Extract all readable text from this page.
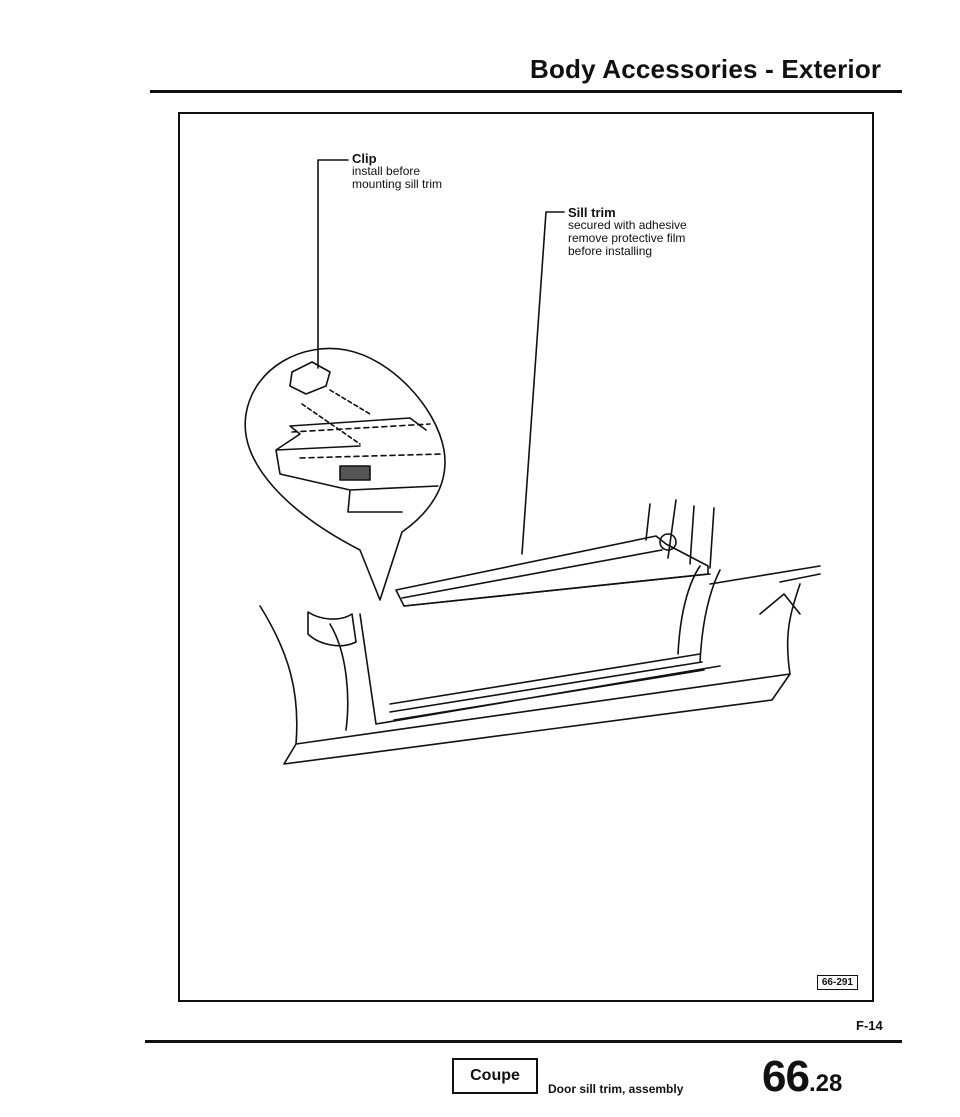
Body Accessories - Exterior
Clip
install before
mounting sill trim
Sill trim
secured with adhesive
remove protective film
before installing
66-291
F-14
Coupe
Door sill trim, assembly 66.28
